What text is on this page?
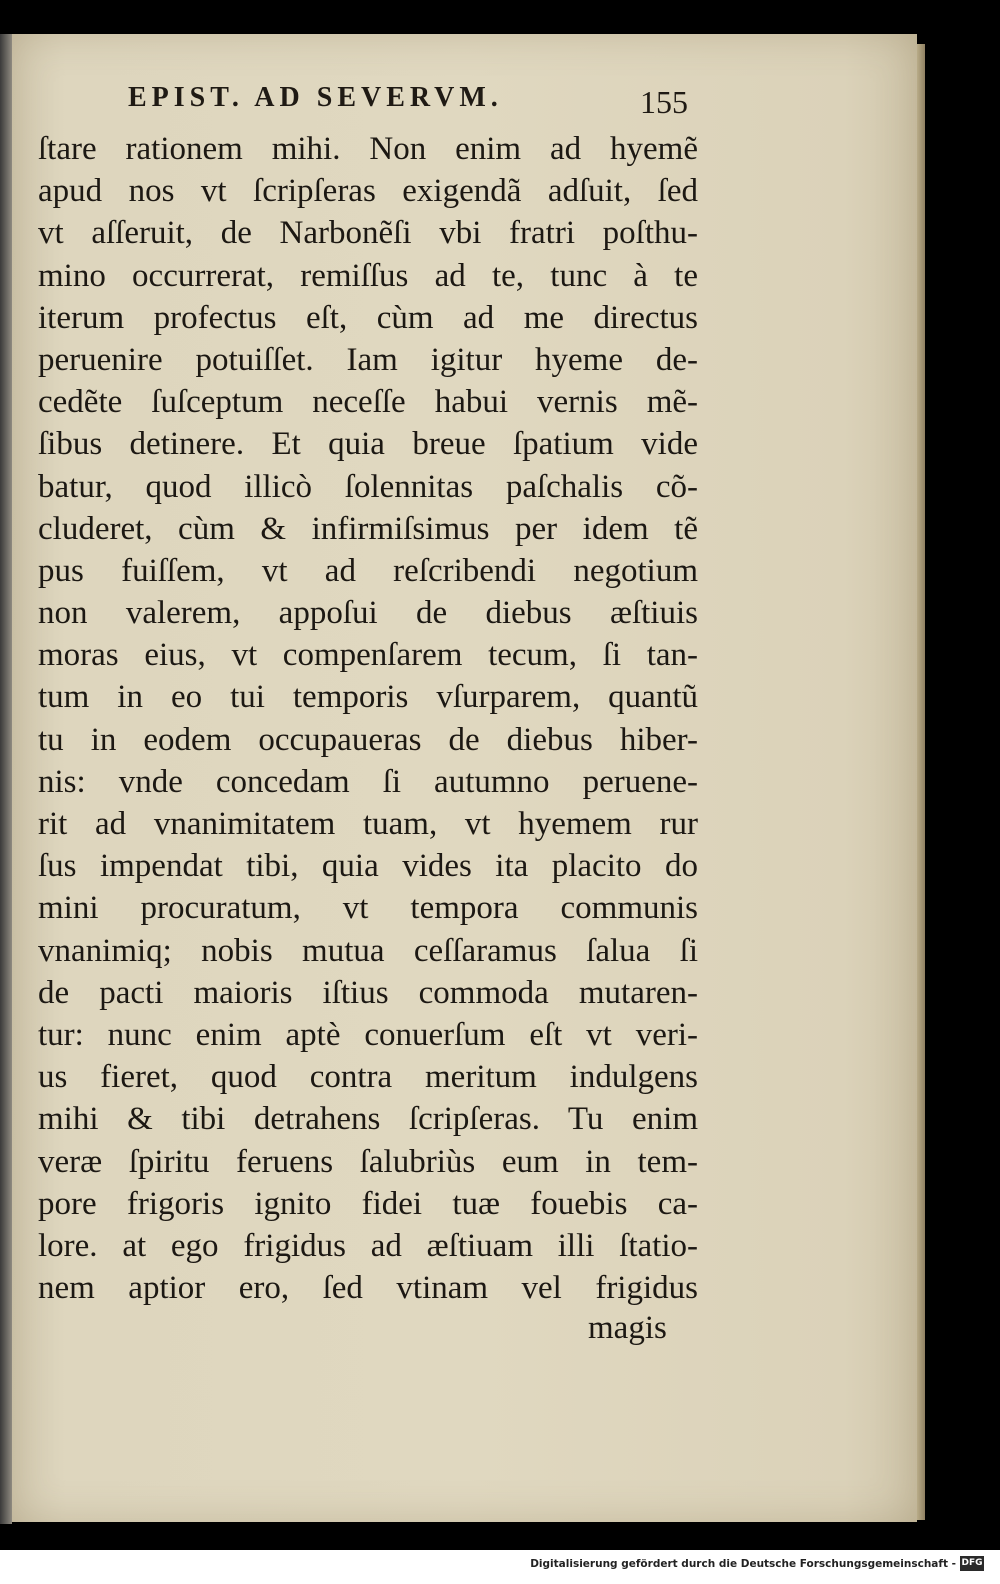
EPIST. AD SEVERVM.	155
ſtare rationem mihi. Non enim ad hyemẽ
apud nos vt ſcripſeras exigendã adſuit, ſed
vt aſſeruit, de Narbonẽſi vbi fratri poſthu-
mino occurrerat, remiſſus ad te, tunc à te
iterum profectus eſt, cùm ad me directus
peruenire potuiſſet. Iam igitur hyeme de-
cedẽte ſuſceptum neceſſe habui vernis mẽ-
ſibus detinere. Et quia breue ſpatium vide
batur, quod illicò ſolennitas paſchalis cõ-
cluderet, cùm & infirmiſsimus per idem tẽ
pus fuiſſem, vt ad reſcribendi negotium
non valerem, appoſui de diebus æſtiuis
moras eius, vt compenſarem tecum, ſi tan-
tum in eo tui temporis vſurparem, quantũ
tu in eodem occupaueras de diebus hiber-
nis: vnde concedam ſi autumno peruene-
rit ad vnanimitatem tuam, vt hyemem rur
ſus impendat tibi, quia vides ita placito do
mini procuratum, vt tempora communis
vnanimiq; nobis mutua ceſſaramus ſalua ſi
de pacti maioris iſtius commoda mutaren-
tur: nunc enim aptè conuerſum eſt vt veri-
us fieret, quod contra meritum indulgens
mihi & tibi detrahens ſcripſeras. Tu enim
veræ ſpiritu feruens ſalubriùs eum in tem-
pore frigoris ignito fidei tuæ fouebis ca-
lore. at ego frigidus ad æſtiuam illi ſtatio-
nem aptior ero, ſed vtinam vel frigidus
magis
Digitalisierung gefördert durch die Deutsche Forschungsgemeinschaft - DFG
